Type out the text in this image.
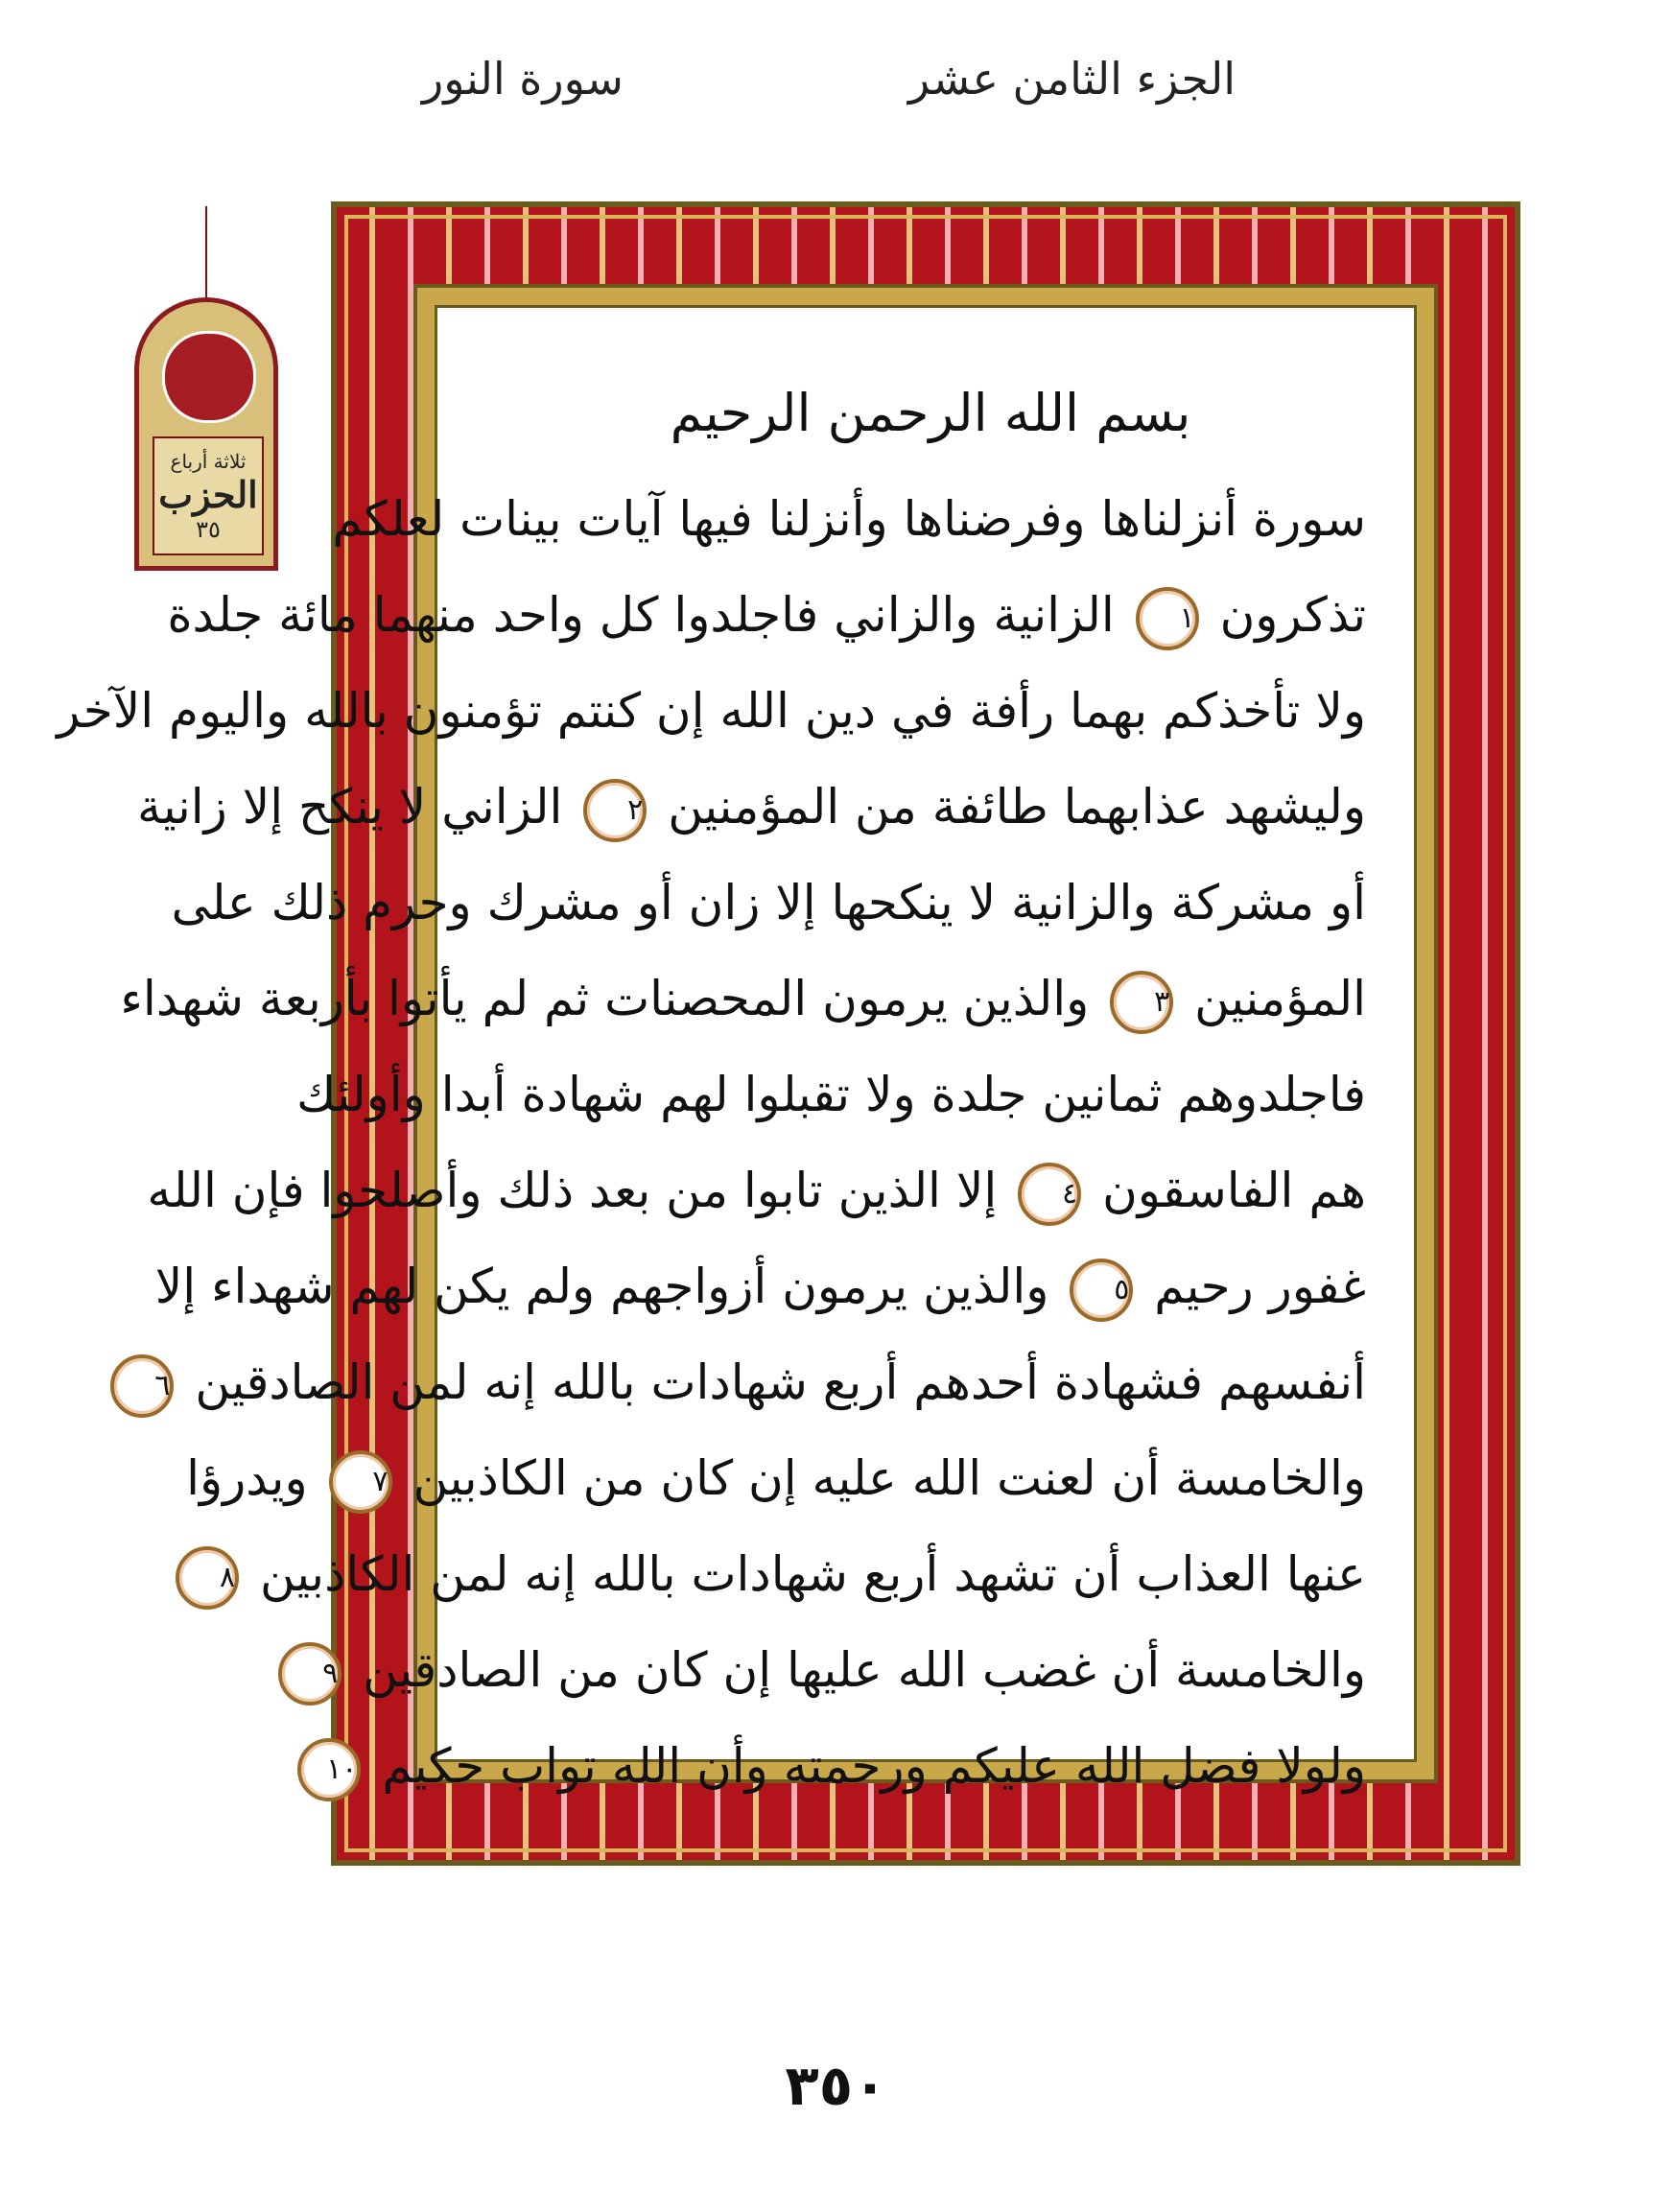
الجزء الثامن عشر
سورة النور
ثلاثة أرباع
الحزب
٣٥
بسم الله الرحمن الرحيم
سورة أنزلناها وفرضناها وأنزلنا فيها آيات بينات لعلكم
تذكرون ١ الزانية والزاني فاجلدوا كل واحد منهما مائة جلدة
ولا تأخذكم بهما رأفة في دين الله إن كنتم تؤمنون بالله واليوم الآخر
وليشهد عذابهما طائفة من المؤمنين ٢ الزاني لا ينكح إلا زانية
أو مشركة والزانية لا ينكحها إلا زان أو مشرك وحرم ذلك على
المؤمنين ٣ والذين يرمون المحصنات ثم لم يأتوا بأربعة شهداء
فاجلدوهم ثمانين جلدة ولا تقبلوا لهم شهادة أبدا وأولئك
هم الفاسقون ٤ إلا الذين تابوا من بعد ذلك وأصلحوا فإن الله
غفور رحيم ٥ والذين يرمون أزواجهم ولم يكن لهم شهداء إلا
أنفسهم فشهادة أحدهم أربع شهادات بالله إنه لمن الصادقين ٦
والخامسة أن لعنت الله عليه إن كان من الكاذبين ٧ ويدرؤا
عنها العذاب أن تشهد أربع شهادات بالله إنه لمن الكاذبين ٨
والخامسة أن غضب الله عليها إن كان من الصادقين ٩
ولولا فضل الله عليكم ورحمته وأن الله تواب حكيم ١٠
٣٥٠
